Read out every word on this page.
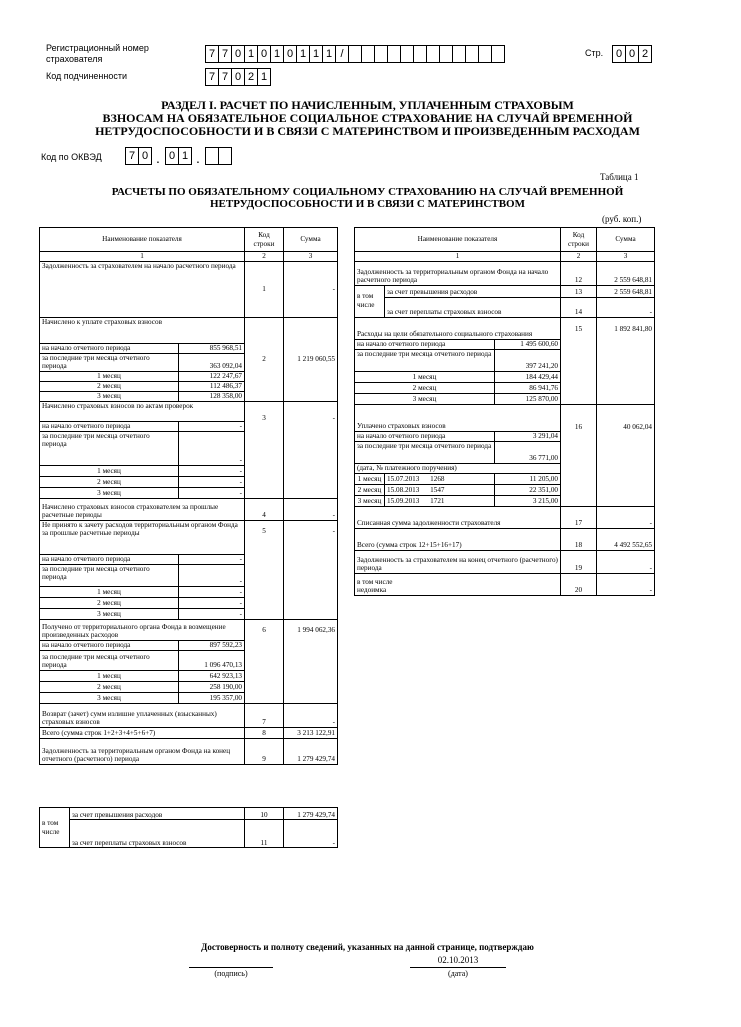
Регистрационный номер страхователя	7 7 0 1 0 1 0 1 1 1 /	Стр.	0 0 2
Код подчиненности	7 7 0 2 1
РАЗДЕЛ I. РАСЧЕТ ПО НАЧИСЛЕННЫМ, УПЛАЧЕННЫМ СТРАХОВЫМ
ВЗНОСАМ НА ОБЯЗАТЕЛЬНОЕ СОЦИАЛЬНОЕ СТРАХОВАНИЕ НА СЛУЧАЙ ВРЕМЕННОЙ
НЕТРУДОСПОСОБНОСТИ И В СВЯЗИ С МАТЕРИНСТВОМ И ПРОИЗВЕДЕННЫМ РАСХОДАМ
Код по ОКВЭД	7 0 . 0 1 .
Таблица 1
РАСЧЕТЫ ПО ОБЯЗАТЕЛЬНОМУ СОЦИАЛЬНОМУ СТРАХОВАНИЮ НА СЛУЧАЙ ВРЕМЕННОЙ
НЕТРУДОСПОСОБНОСТИ И В СВЯЗИ С МАТЕРИНСТВОМ
(руб. коп.)
Наименование показателя		Код строки	Сумма
1		2	3
Задолженность за страхователем на начало расчетного периода		1	-
Начислено к уплате страховых взносов		2	1 219 060,55
на начало отчетного периода	855 968,51		
за последние три месяца отчетного периода	363 092,04		
1 месяц	122 247,67		
2 месяц	112 486,37		
3 месяц	128 358,00		
Начислено страховых взносов по актам проверок		3	-
на начало отчетного периода	-		
за последние три месяца отчетного периода	-		
1 месяц	-		
2 месяц	-		
3 месяц	-		
Начислено страховых взносов страхователем за прошлые расчетные периоды		4	-
Не принято к зачету расходов территориальным органом Фонда за прошлые расчетные периоды		5	-
на начало отчетного периода	-		
за последние три месяца отчетного периода	-		
1 месяц	-		
2 месяц	-		
3 месяц	-		
Получено от территориального органа Фонда в возмещение произведенных расходов		6	1 994 062,36
на начало отчетного периода	897 592,23		
за последние три месяца отчетного периода	1 096 470,13		
1 месяц	642 923,13		
2 месяц	258 190,00		
3 месяц	195 357,00		
Возврат (зачет) сумм излишне уплаченных (взысканных) страховых взносов		7	-
Всего (сумма строк 1+2+3+4+5+6+7)		8	3 213 122,91
Задолженность за территориальным органом Фонда на конец отчетного (расчетного) периода		9	1 279 429,74
в том числе	за счет превышения расходов	10	1 279 429,74
	за счет переплаты страховых взносов	11	-
Наименование показателя			Код строки	Сумма
1			2	3
Задолженность за территориальным органом Фонда на начало расчетного периода			12	2 559 648,81
в том числе	за счет превышения расходов		13	2 559 648,81
	за счет переплаты страховых взносов		14	-
Расходы на цели обязательного социального страхования			15	1 892 841,80
на начало отчетного периода		1 495 600,60		
за последние три месяца отчетного периода		397 241,20		
1 месяц		184 429,44		
2 месяц		86 941,76		
3 месяц		125 870,00		
Уплачено страховых взносов			16	40 062,04
на начало отчетного периода		3 291,04		
за последние три месяца отчетного периода		36 771,00		
(дата, № платежного поручения)				
1 месяц	15.07.2013 1268	11 205,00		
2 месяц	15.08.2013 1547	22 351,00		
3 месяц	15.09.2013 1721	3 215,00		
Списанная сумма задолженности страхователя			17	-
Всего (сумма строк 12+15+16+17)			18	4 492 552,65
Задолженность за страхователем на конец отчетного (расчетного) периода			19	-

в том числе
недоимка			20	-
Достоверность и полноту сведений, указанных на данной странице, подтверждаю
(подпись)
02.10.2013
(дата)
